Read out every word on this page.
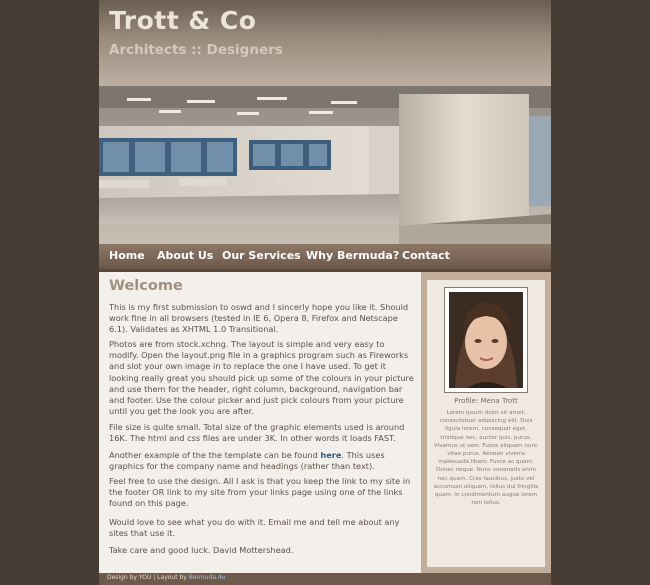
Trott & Co
Architects :: Designers
Home About Us Our Services Why Bermuda? Contact
Welcome

This is my first submission to oswd and I sincerly hope you like it. Should work fine in all browsers (tested in IE 6, Opera 8, Firefox and Netscape 6.1). Validates as XHTML 1.0 Transitional.

Photos are from stock.xchng. The layout is simple and very easy to modify. Open the layout.png file in a graphics program such as Fireworks and slot your own image in to replace the one I have used. To get it looking really great you should pick up some of the colours in your picture and use them for the header, right column, background, navigation bar and footer. Use the colour picker and just pick colours from your picture until you get the look you are after.

File size is quite small. Total size of the graphic elements used is around 16K. The html and css files are under 3K. In other words it loads FAST.

Another example of the the template can be found here. This uses graphics for the company name and headings (rather than text).

Feel free to use the design. All I ask is that you keep the link to my site in the footer OR link to my site from your links page using one of the links found on this page.

Would love to see what you do with it. Email me and tell me about any sites that use it.

Take care and good luck. David Mottershead.

Profile: Mena Trott
Lorem ipsum dolor sit amet, consectetuer adipiscing elit. Duis ligula lorem, consequat eget, tristique nec, auctor quis, purus. Vivamus ut sem. Fusce aliquam nunc vitae purus. Aenean viverra malesuada libero. Fusce ac quam. Donec neque. Nunc venenatis enim nec quam. Cras faucibus, justo vel accumsan aliquam, tellus dui fringilla quam, in condimentum augue lorem non tellus.
Design by YOU | Layout by Bermuda.4u
